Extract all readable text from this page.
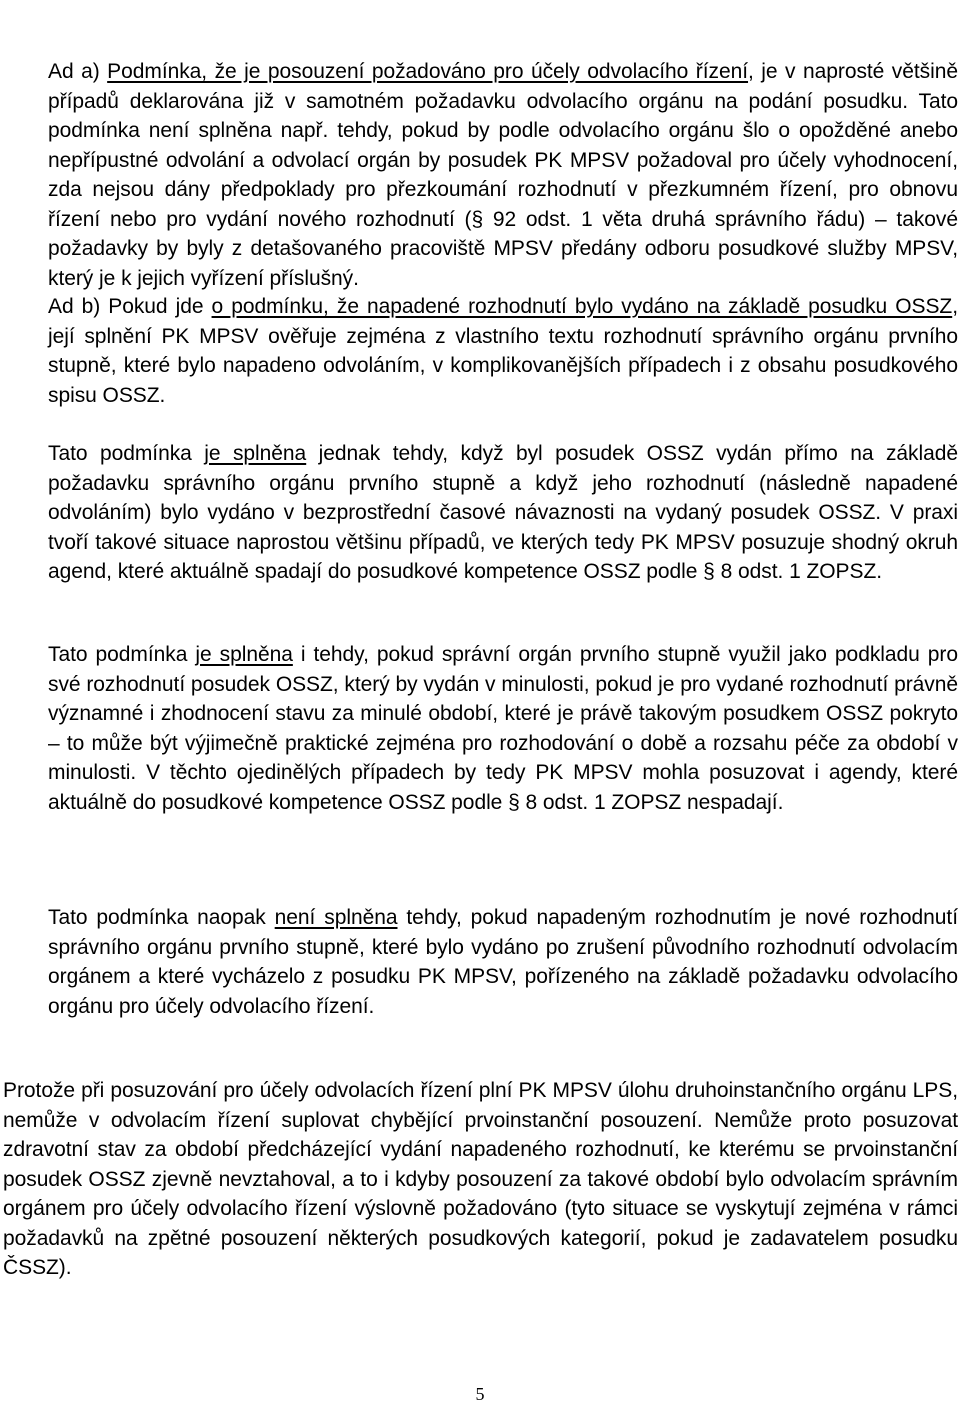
Ad a) Podmínka, že je posouzení požadováno pro účely odvolacího řízení, je v naprosté většině případů deklarována již v samotném požadavku odvolacího orgánu na podání posudku. Tato podmínka není splněna např. tehdy, pokud by podle odvolacího orgánu šlo o opožděné anebo nepřípustné odvolání a odvolací orgán by posudek PK MPSV požadoval pro účely vyhodnocení, zda nejsou dány předpoklady pro přezkoumání rozhodnutí v přezkumném řízení, pro obnovu řízení nebo pro vydání nového rozhodnutí (§ 92 odst. 1 věta druhá správního řádu) – takové požadavky by byly z detašovaného pracoviště MPSV předány odboru posudkové služby MPSV, který je k jejich vyřízení příslušný.

Ad b) Pokud jde o podmínku, že napadené rozhodnutí bylo vydáno na základě posudku OSSZ, její splnění PK MPSV ověřuje zejména z vlastního textu rozhodnutí správního orgánu prvního stupně, které bylo napadeno odvoláním, v komplikovanějších případech i z obsahu posudkového spisu OSSZ.

Tato podmínka je splněna jednak tehdy, když byl posudek OSSZ vydán přímo na základě požadavku správního orgánu prvního stupně a když jeho rozhodnutí (následně napadené odvoláním) bylo vydáno v bezprostřední časové návaznosti na vydaný posudek OSSZ. V praxi tvoří takové situace naprostou většinu případů, ve kterých tedy PK MPSV posuzuje shodný okruh agend, které aktuálně spadají do posudkové kompetence OSSZ podle § 8 odst. 1 ZOPSZ.

Tato podmínka je splněna i tehdy, pokud správní orgán prvního stupně využil jako podkladu pro své rozhodnutí posudek OSSZ, který by vydán v minulosti, pokud je pro vydané rozhodnutí právně významné i zhodnocení stavu za minulé období, které je právě takovým posudkem OSSZ pokryto – to může být výjimečně praktické zejména pro rozhodování o době a rozsahu péče za období v minulosti. V těchto ojedinělých případech by tedy PK MPSV mohla posuzovat i agendy, které aktuálně do posudkové kompetence OSSZ podle § 8 odst. 1 ZOPSZ nespadají.

Tato podmínka naopak není splněna tehdy, pokud napadeným rozhodnutím je nové rozhodnutí správního orgánu prvního stupně, které bylo vydáno po zrušení původního rozhodnutí odvolacím orgánem a které vycházelo z posudku PK MPSV, pořízeného na základě požadavku odvolacího orgánu pro účely odvolacího řízení.

Protože při posuzování pro účely odvolacích řízení plní PK MPSV úlohu druhoinstančního orgánu LPS, nemůže v odvolacím řízení suplovat chybějící prvoinstanční posouzení. Nemůže proto posuzovat zdravotní stav za období předcházející vydání napadeného rozhodnutí, ke kterému se prvoinstanční posudek OSSZ zjevně nevztahoval, a to i kdyby posouzení za takové období bylo odvolacím správním orgánem pro účely odvolacího řízení výslovně požadováno (tyto situace se vyskytují zejména v rámci požadavků na zpětné posouzení některých posudkových kategorií, pokud je zadavatelem posudku ČSSZ).

5
